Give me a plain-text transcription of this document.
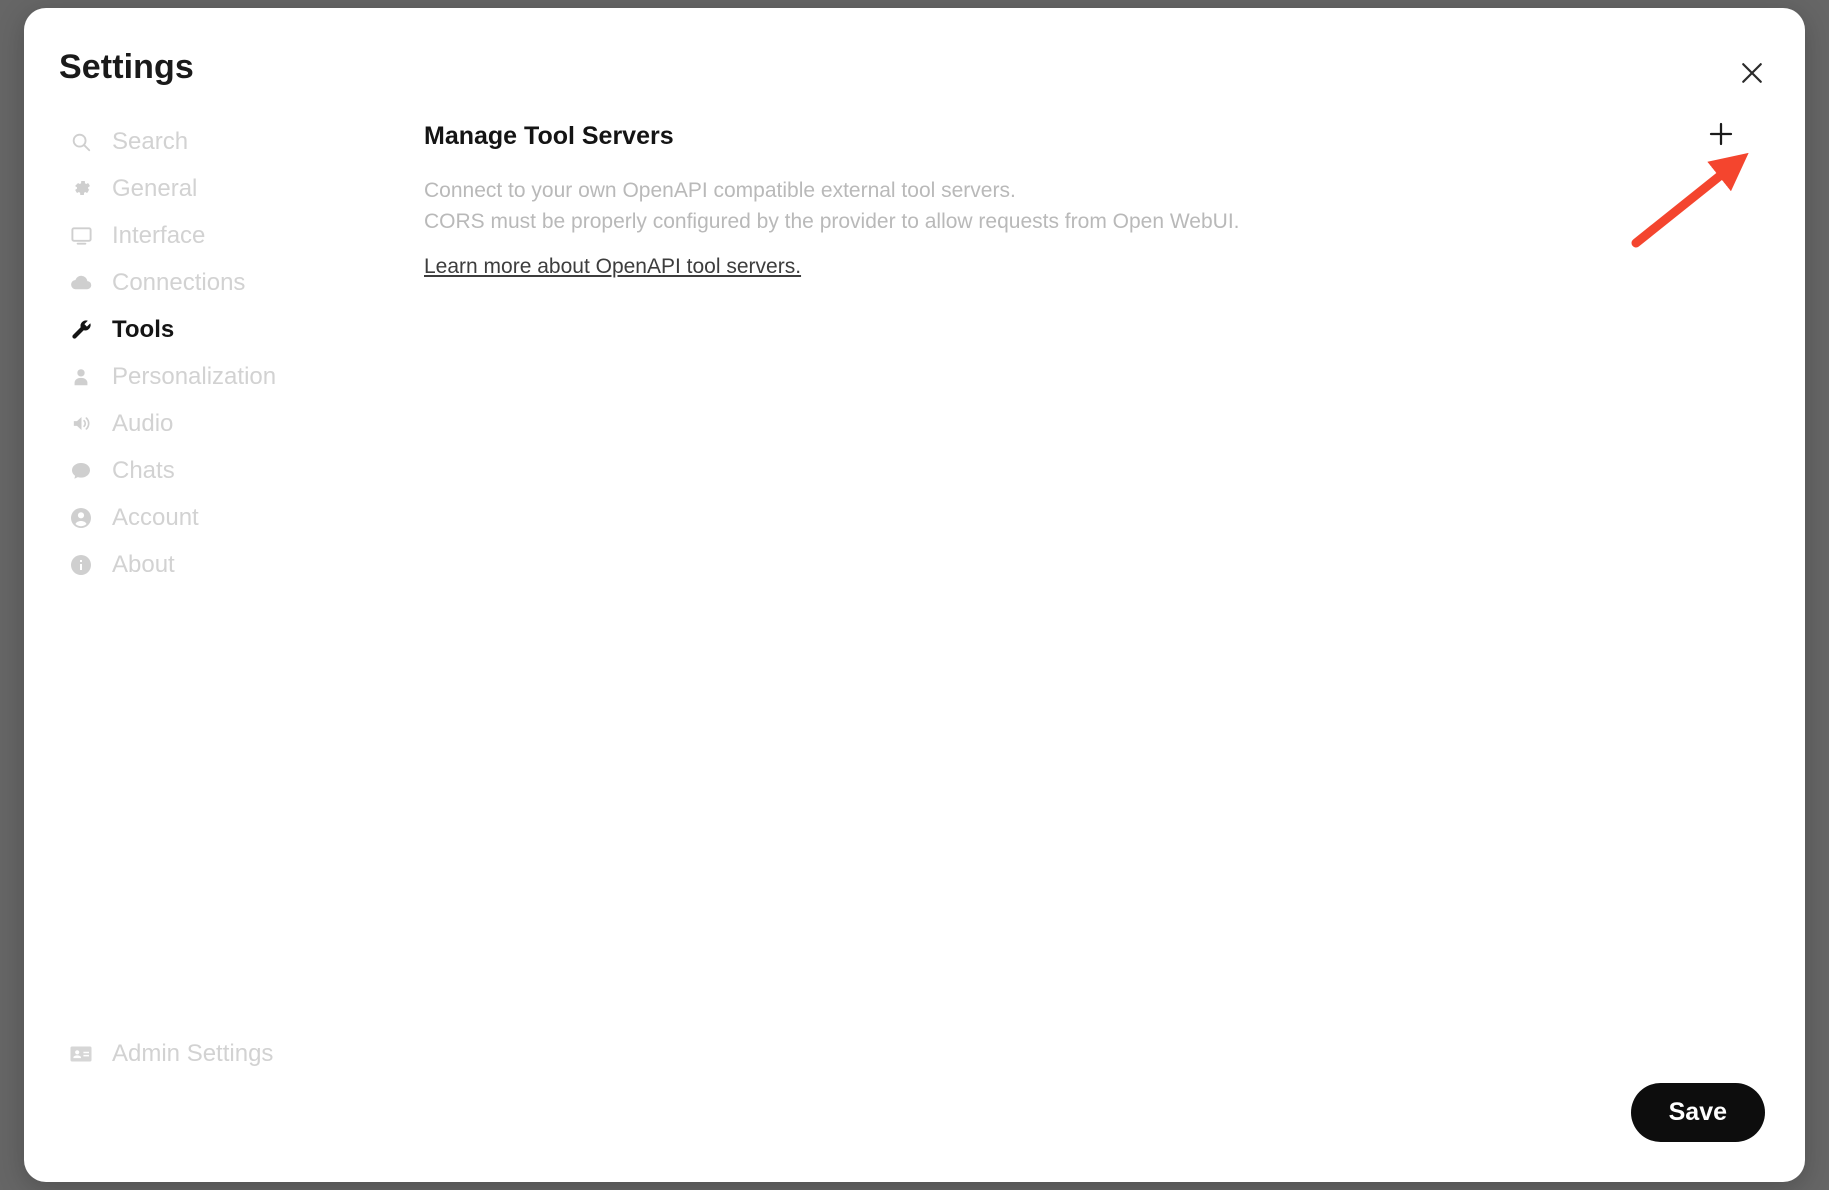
Settings
Search
General
Interface
Connections
Tools
Personalization
Audio
Chats
Account
About
Admin Settings
Manage Tool Servers
Connect to your own OpenAPI compatible external tool servers.
CORS must be properly configured by the provider to allow requests from Open WebUI.
Learn more about OpenAPI tool servers.
Save
